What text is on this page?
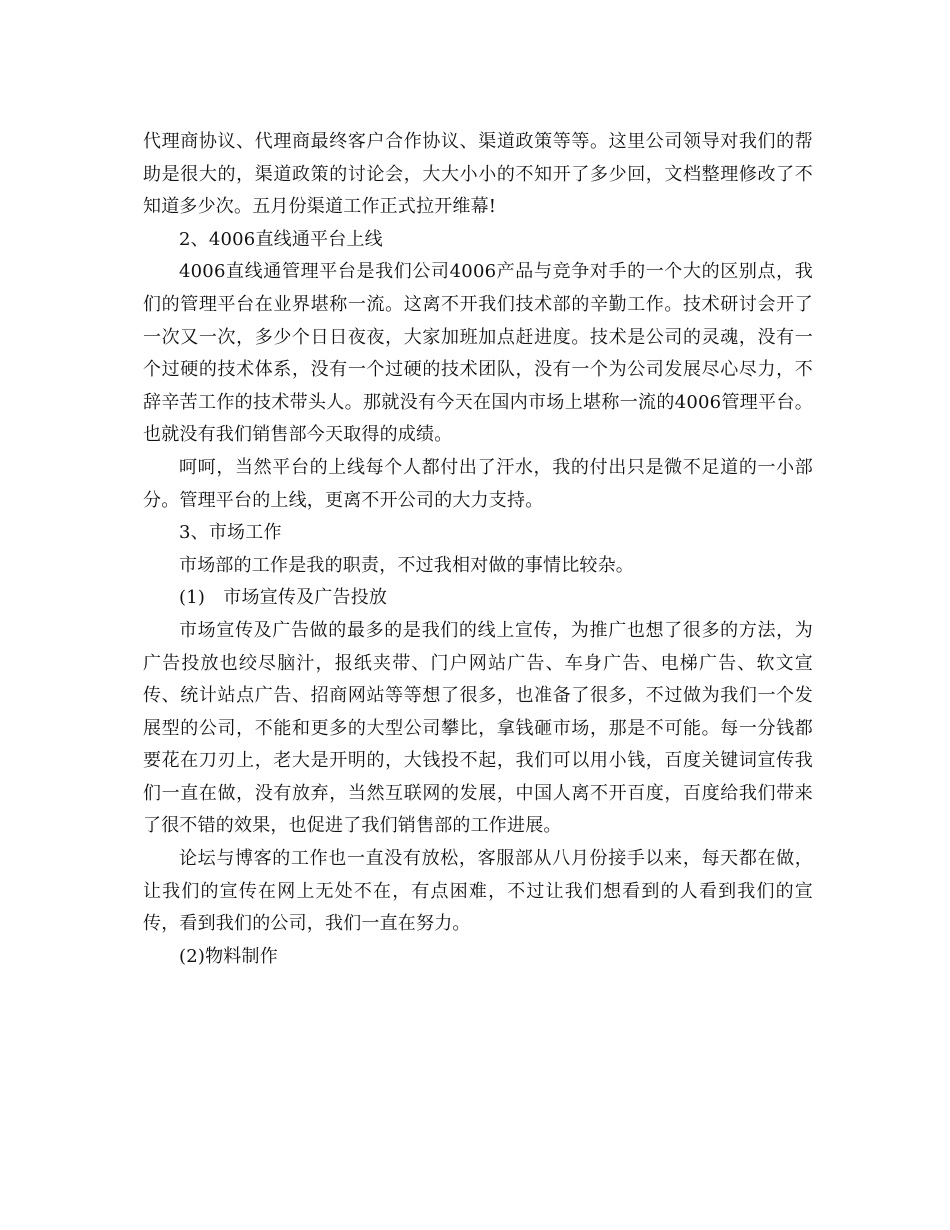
代理商协议、代理商最终客户合作协议、渠道政策等等。这里公司领导对我们的帮助是很大的，渠道政策的讨论会，大大小小的不知开了多少回，文档整理修改了不知道多少次。五月份渠道工作正式拉开维幕!

2、4006直线通平台上线

4006直线通管理平台是我们公司4006产品与竞争对手的一个大的区别点，我们的管理平台在业界堪称一流。这离不开我们技术部的辛勤工作。技术研讨会开了一次又一次，多少个日日夜夜，大家加班加点赶进度。技术是公司的灵魂，没有一个过硬的技术体系，没有一个过硬的技术团队，没有一个为公司发展尽心尽力，不辞辛苦工作的技术带头人。那就没有今天在国内市场上堪称一流的4006管理平台。也就没有我们销售部今天取得的成绩。

呵呵，当然平台的上线每个人都付出了汗水，我的付出只是微不足道的一小部分。管理平台的上线，更离不开公司的大力支持。

3、市场工作

市场部的工作是我的职责，不过我相对做的事情比较杂。

(1)　市场宣传及广告投放

市场宣传及广告做的最多的是我们的线上宣传，为推广也想了很多的方法，为广告投放也绞尽脑汁，报纸夹带、门户网站广告、车身广告、电梯广告、软文宣传、统计站点广告、招商网站等等想了很多，也准备了很多，不过做为我们一个发展型的公司，不能和更多的大型公司攀比，拿钱砸市场，那是不可能。每一分钱都要花在刀刃上，老大是开明的，大钱投不起，我们可以用小钱，百度关键词宣传我们一直在做，没有放弃，当然互联网的发展，中国人离不开百度，百度给我们带来了很不错的效果，也促进了我们销售部的工作进展。

论坛与博客的工作也一直没有放松，客服部从八月份接手以来，每天都在做，让我们的宣传在网上无处不在，有点困难，不过让我们想看到的人看到我们的宣传，看到我们的公司，我们一直在努力。

(2)物料制作
